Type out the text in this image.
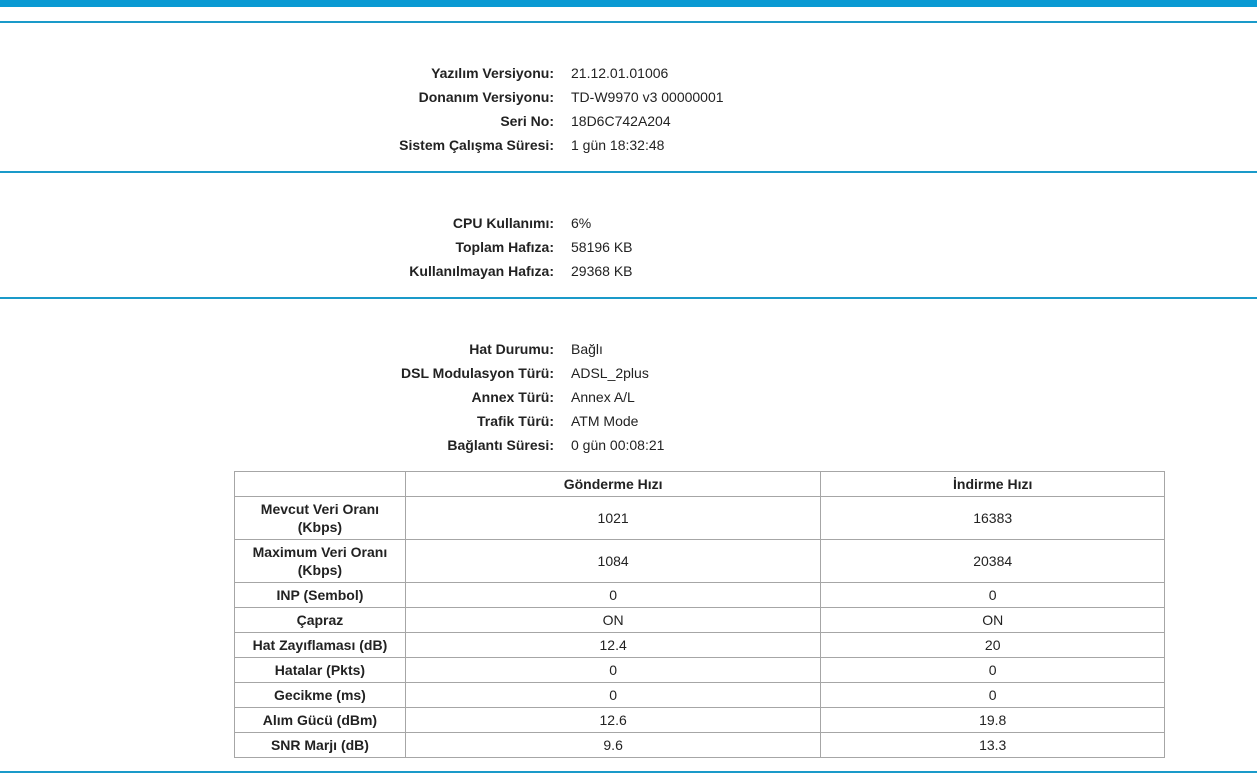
Yazılım Versiyonu: 21.12.01.01006
Donanım Versiyonu: TD-W9970 v3 00000001
Seri No: 18D6C742A204
Sistem Çalışma Süresi: 1 gün 18:32:48
CPU Kullanımı: 6%
Toplam Hafıza: 58196 KB
Kullanılmayan Hafıza: 29368 KB
Hat Durumu: Bağlı
DSL Modulasyon Türü: ADSL_2plus
Annex Türü: Annex A/L
Trafik Türü: ATM Mode
Bağlantı Süresi: 0 gün 00:08:21
	Gönderme Hızı	İndirme Hızı
Mevcut Veri Oranı (Kbps)	1021	16383
Maximum Veri Oranı (Kbps)	1084	20384
INP (Sembol)	0	0
Çapraz	ON	ON
Hat Zayıflaması (dB)	12.4	20
Hatalar (Pkts)	0	0
Gecikme (ms)	0	0
Alım Gücü (dBm)	12.6	19.8
SNR Marjı (dB)	9.6	13.3
